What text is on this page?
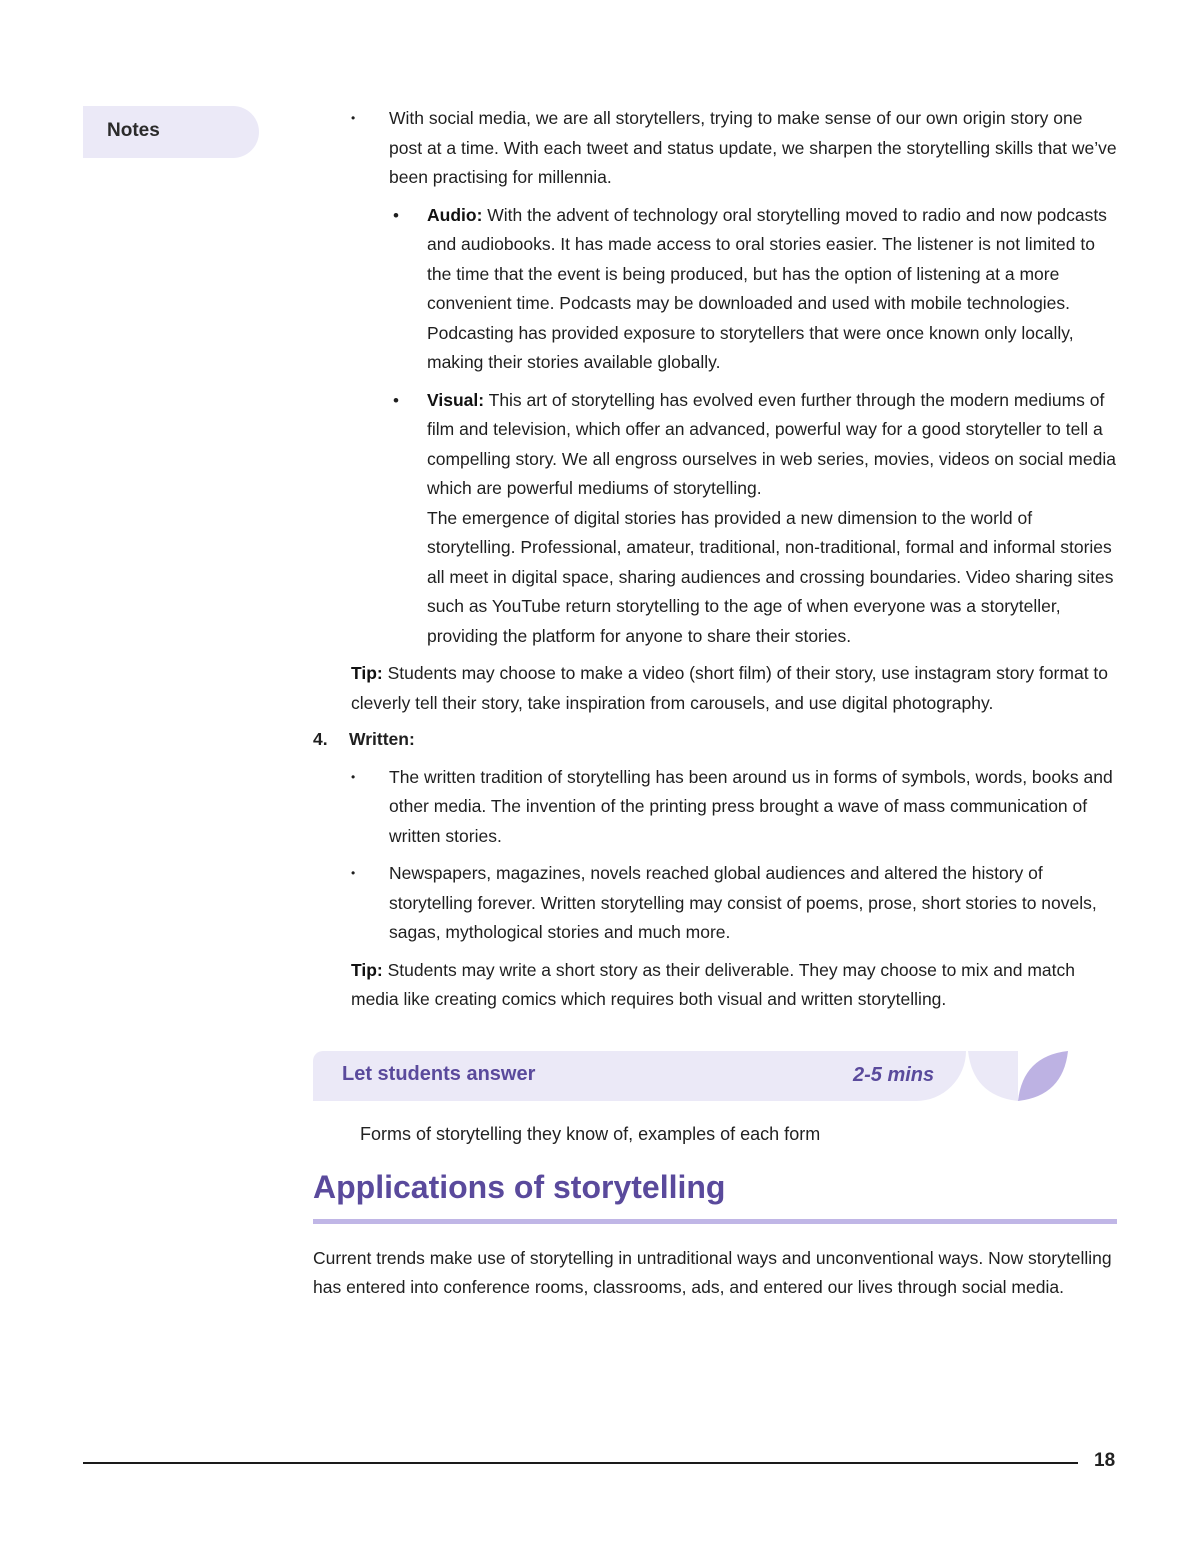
Notes
• With social media, we are all storytellers, trying to make sense of our own origin story one post at a time. With each tweet and status update, we sharpen the storytelling skills that we’ve been practising for millennia.
• Audio: With the advent of technology oral storytelling moved to radio and now podcasts and audiobooks. It has made access to oral stories easier. The listener is not limited to the time that the event is being produced, but has the option of listening at a more convenient time. Podcasts may be downloaded and used with mobile technologies. Podcasting has provided exposure to storytellers that were once known only locally, making their stories available globally.
• Visual: This art of storytelling has evolved even further through the modern mediums of film and television, which offer an advanced, powerful way for a good storyteller to tell a compelling story. We all engross ourselves in web series, movies, videos on social media which are powerful mediums of storytelling.
The emergence of digital stories has provided a new dimension to the world of storytelling. Professional, amateur, traditional, non-traditional, formal and informal stories all meet in digital space, sharing audiences and crossing boundaries. Video sharing sites such as YouTube return storytelling to the age of when everyone was a storyteller, providing the platform for anyone to share their stories.
Tip: Students may choose to make a video (short film) of their story, use instagram story format to cleverly tell their story, take inspiration from carousels, and use digital photography.
4. Written:
• The written tradition of storytelling has been around us in forms of symbols, words, books and other media. The invention of the printing press brought a wave of mass communication of written stories.
• Newspapers, magazines, novels reached global audiences and altered the history of storytelling forever. Written storytelling may consist of poems, prose, short stories to novels, sagas, mythological stories and much more.
Tip: Students may write a short story as their deliverable. They may choose to mix and match media like creating comics which requires both visual and written storytelling.
Let students answer	2-5 mins
Forms of storytelling they know of, examples of each form
Applications of storytelling
Current trends make use of storytelling in untraditional ways and unconventional ways. Now storytelling has entered into conference rooms, classrooms, ads, and entered our lives through social media.
18
